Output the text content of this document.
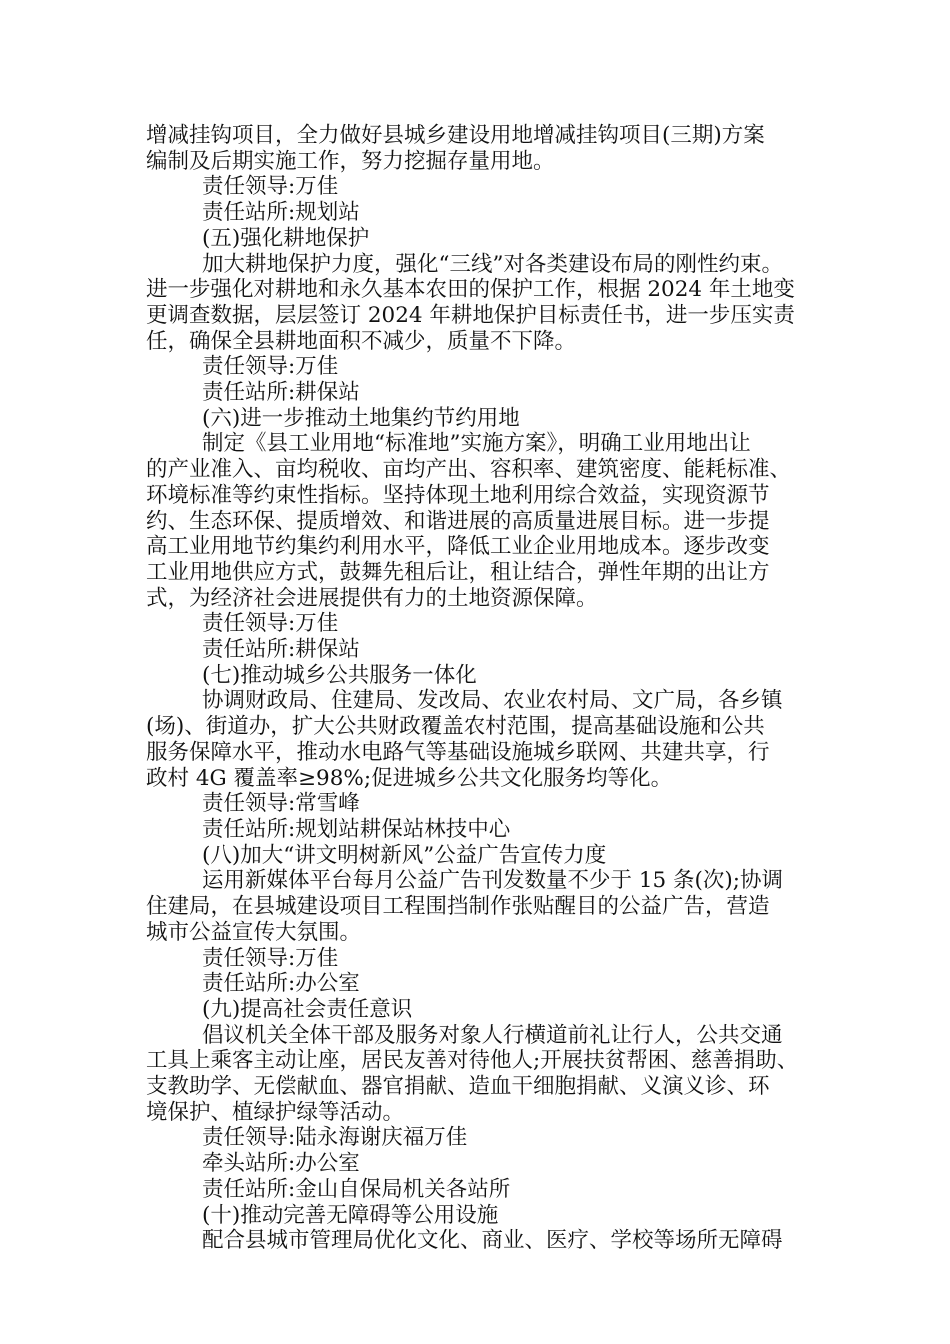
增减挂钩项目，全力做好县城乡建设用地增减挂钩项目(三期)方案
编制及后期实施工作，努力挖掘存量用地。
责任领导:万佳
责任站所:规划站
(五)强化耕地保护
加大耕地保护力度，强化“三线”对各类建设布局的刚性约束。
进一步强化对耕地和永久基本农田的保护工作，根据 2024 年土地变
更调查数据，层层签订 2024 年耕地保护目标责任书，进一步压实责
任，确保全县耕地面积不减少，质量不下降。
责任领导:万佳
责任站所:耕保站
(六)进一步推动土地集约节约用地
制定《县工业用地“标准地”实施方案》，明确工业用地出让
的产业准入、亩均税收、亩均产出、容积率、建筑密度、能耗标准、
环境标准等约束性指标。坚持体现土地利用综合效益，实现资源节
约、生态环保、提质增效、和谐进展的高质量进展目标。进一步提
高工业用地节约集约利用水平，降低工业企业用地成本。逐步改变
工业用地供应方式，鼓舞先租后让，租让结合，弹性年期的出让方
式，为经济社会进展提供有力的土地资源保障。
责任领导:万佳
责任站所:耕保站
(七)推动城乡公共服务一体化
协调财政局、住建局、发改局、农业农村局、文广局，各乡镇
(场)、街道办，扩大公共财政覆盖农村范围，提高基础设施和公共
服务保障水平，推动水电路气等基础设施城乡联网、共建共享，行
政村 4G 覆盖率≥98%;促进城乡公共文化服务均等化。
责任领导:常雪峰
责任站所:规划站耕保站林技中心
(八)加大“讲文明树新风”公益广告宣传力度
运用新媒体平台每月公益广告刊发数量不少于 15 条(次);协调
住建局，在县城建设项目工程围挡制作张贴醒目的公益广告，营造
城市公益宣传大氛围。
责任领导:万佳
责任站所:办公室
(九)提高社会责任意识
倡议机关全体干部及服务对象人行横道前礼让行人，公共交通
工具上乘客主动让座，居民友善对待他人;开展扶贫帮困、慈善捐助、
支教助学、无偿献血、器官捐献、造血干细胞捐献、义演义诊、环
境保护、植绿护绿等活动。
责任领导:陆永海谢庆福万佳
牵头站所:办公室
责任站所:金山自保局机关各站所
(十)推动完善无障碍等公用设施
配合县城市管理局优化文化、商业、医疗、学校等场所无障碍
